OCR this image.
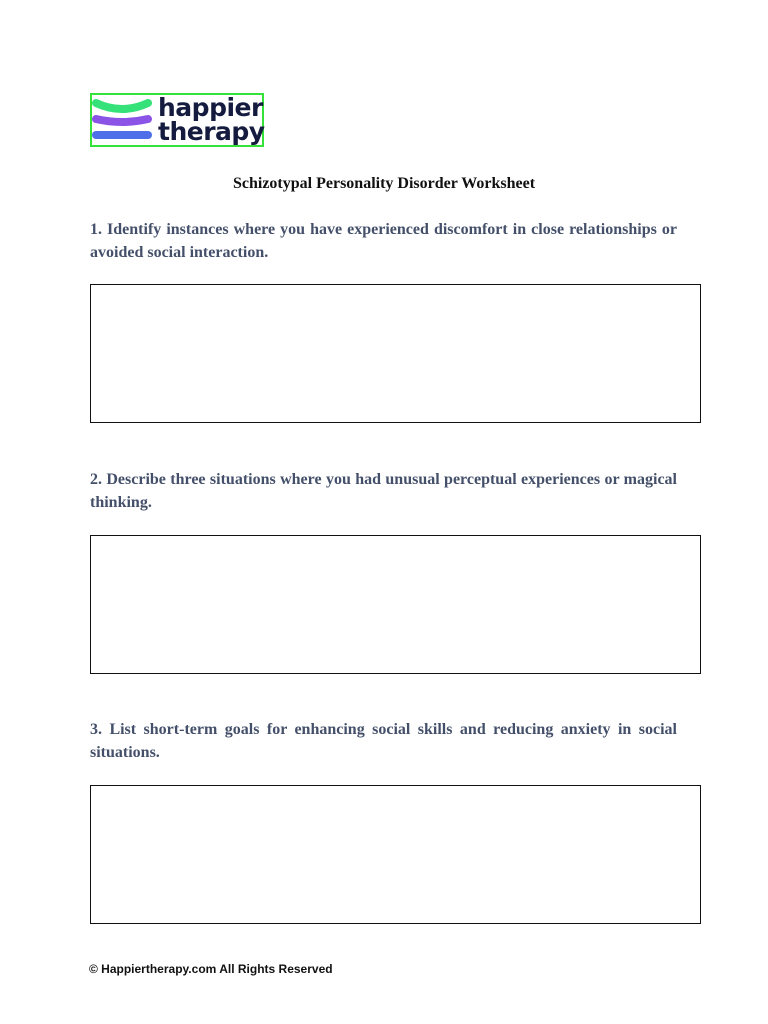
happier
therapy
Schizotypal Personality Disorder Worksheet

1. Identify instances where you have experienced discomfort in close relationships or avoided social interaction.

2. Describe three situations where you had unusual perceptual experiences or magical thinking.

3. List short-term goals for enhancing social skills and reducing anxiety in social situations.

© Happiertherapy.com All Rights Reserved
